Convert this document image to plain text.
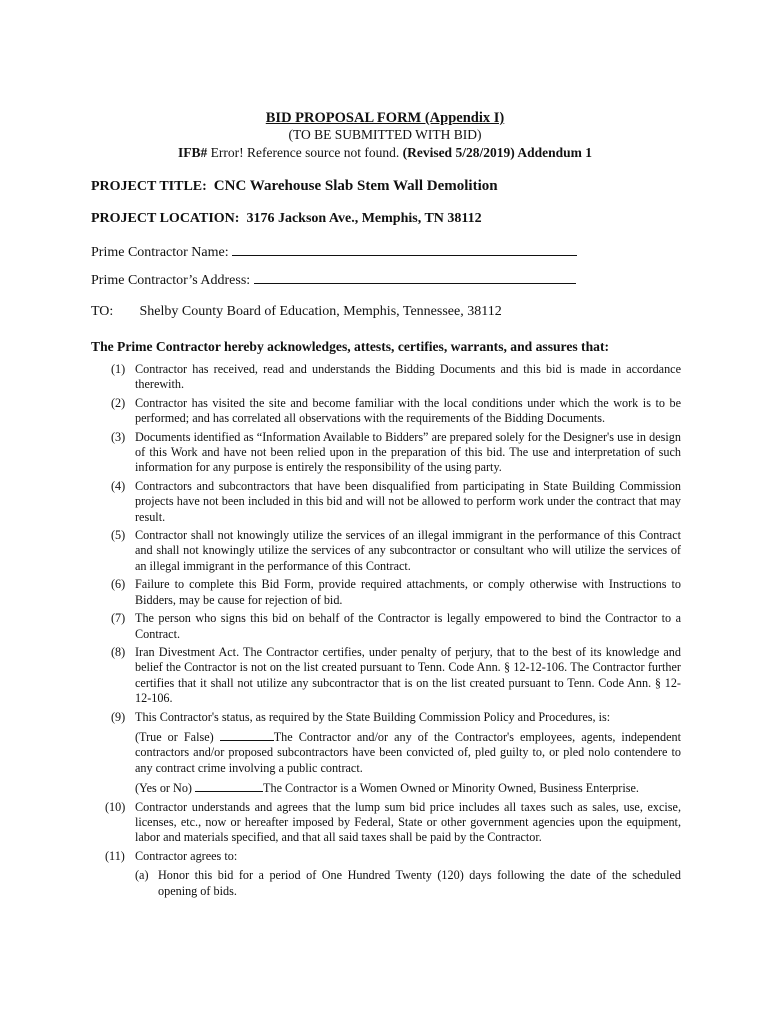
BID PROPOSAL FORM (Appendix I)
(TO BE SUBMITTED WITH BID)
IFB# Error! Reference source not found. (Revised 5/28/2019) Addendum 1
PROJECT TITLE: CNC Warehouse Slab Stem Wall Demolition
PROJECT LOCATION: 3176 Jackson Ave., Memphis, TN 38112
Prime Contractor Name:
Prime Contractor’s Address:
TO: Shelby County Board of Education, Memphis, Tennessee, 38112
The Prime Contractor hereby acknowledges, attests, certifies, warrants, and assures that:
(1) Contractor has received, read and understands the Bidding Documents and this bid is made in accordance therewith.
(2) Contractor has visited the site and become familiar with the local conditions under which the work is to be performed; and has correlated all observations with the requirements of the Bidding Documents.
(3) Documents identified as “Information Available to Bidders” are prepared solely for the Designer's use in design of this Work and have not been relied upon in the preparation of this bid. The use and interpretation of such information for any purpose is entirely the responsibility of the using party.
(4) Contractors and subcontractors that have been disqualified from participating in State Building Commission projects have not been included in this bid and will not be allowed to perform work under the contract that may result.
(5) Contractor shall not knowingly utilize the services of an illegal immigrant in the performance of this Contract and shall not knowingly utilize the services of any subcontractor or consultant who will utilize the services of an illegal immigrant in the performance of this Contract.
(6) Failure to complete this Bid Form, provide required attachments, or comply otherwise with Instructions to Bidders, may be cause for rejection of bid.
(7) The person who signs this bid on behalf of the Contractor is legally empowered to bind the Contractor to a Contract.
(8) Iran Divestment Act. The Contractor certifies, under penalty of perjury, that to the best of its knowledge and belief the Contractor is not on the list created pursuant to Tenn. Code Ann. § 12-12-106. The Contractor further certifies that it shall not utilize any subcontractor that is on the list created pursuant to Tenn. Code Ann. § 12-12-106.
(9) This Contractor's status, as required by the State Building Commission Policy and Procedures, is:
(True or False)	The Contractor and/or any of the Contractor's employees, agents, independent contractors and/or proposed subcontractors have been convicted of, pled guilty to, or pled nolo contendere to any contract crime involving a public contract.
(Yes or No)	The Contractor is a Women Owned or Minority Owned, Business Enterprise.
(10) Contractor understands and agrees that the lump sum bid price includes all taxes such as sales, use, excise, licenses, etc., now or hereafter imposed by Federal, State or other government agencies upon the equipment, labor and materials specified, and that all said taxes shall be paid by the Contractor.
(11) Contractor agrees to:
(a) Honor this bid for a period of One Hundred Twenty (120) days following the date of the scheduled opening of bids.
